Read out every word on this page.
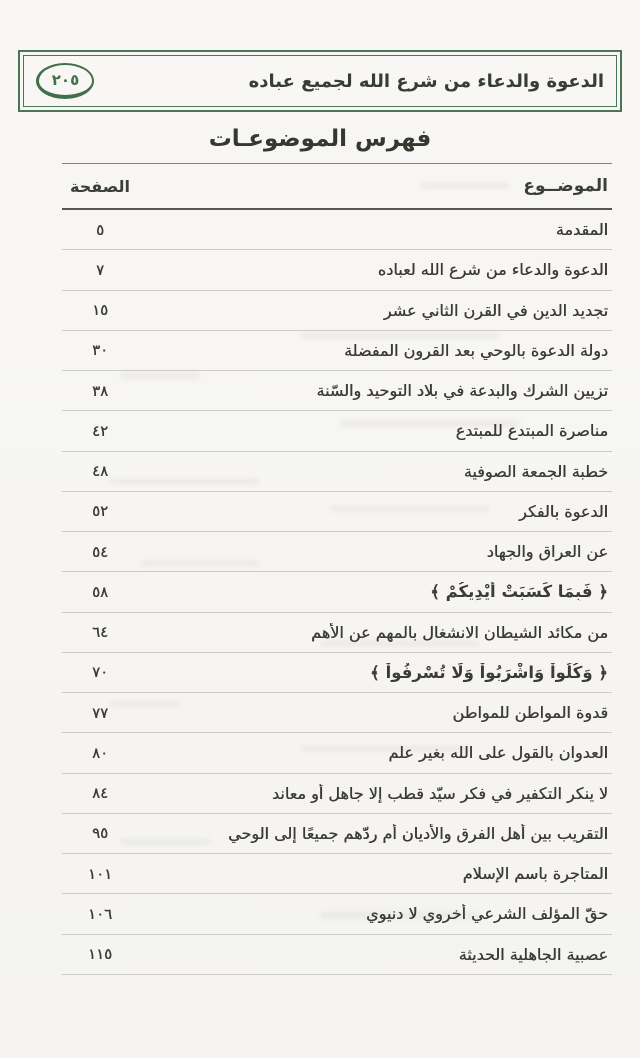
الدعوة والدعاء من شرع الله لجميع عباده
٢٠٥
فهرس الموضوعـات
الموضــوع
الصفحة
المقدمة
٥
الدعوة والدعاء من شرع الله لعباده
٧
تجديد الدين في القرن الثاني عشر
١٥
دولة الدعوة بالوحي بعد القرون المفضلة
٣٠
تزيين الشرك والبدعة في بلاد التوحيد والسّنة
٣٨
مناصرة المبتدع للمبتدع
٤٢
خطبة الجمعة الصوفية
٤٨
الدعوة بالفكر
٥٢
عن العراق والجهاد
٥٤
﴿ فَبِمَا كَسَبَتْ أَيْدِيكُمْ ﴾
٥٨
من مكائد الشيطان الانشغال بالمهم عن الأهم
٦٤
﴿ وَكُلُواْ وَاشْرَبُواْ وَلَا تُسْرِفُواْ ﴾
٧٠
قدوة المواطن للمواطن
٧٧
العدوان بالقول على الله بغير علم
٨٠
لا ينكر التكفير في فكر سيّد قطب إلا جاهل أو معاند
٨٤
التقريب بين أهل الفرق والأديان أم ردّهم جميعًا إلى الوحي
٩٥
المتاجرة باسم الإسلام
١٠١
حقّ المؤلف الشرعي أخروي لا دنيوي
١٠٦
عصبية الجاهلية الحديثة
١١٥
